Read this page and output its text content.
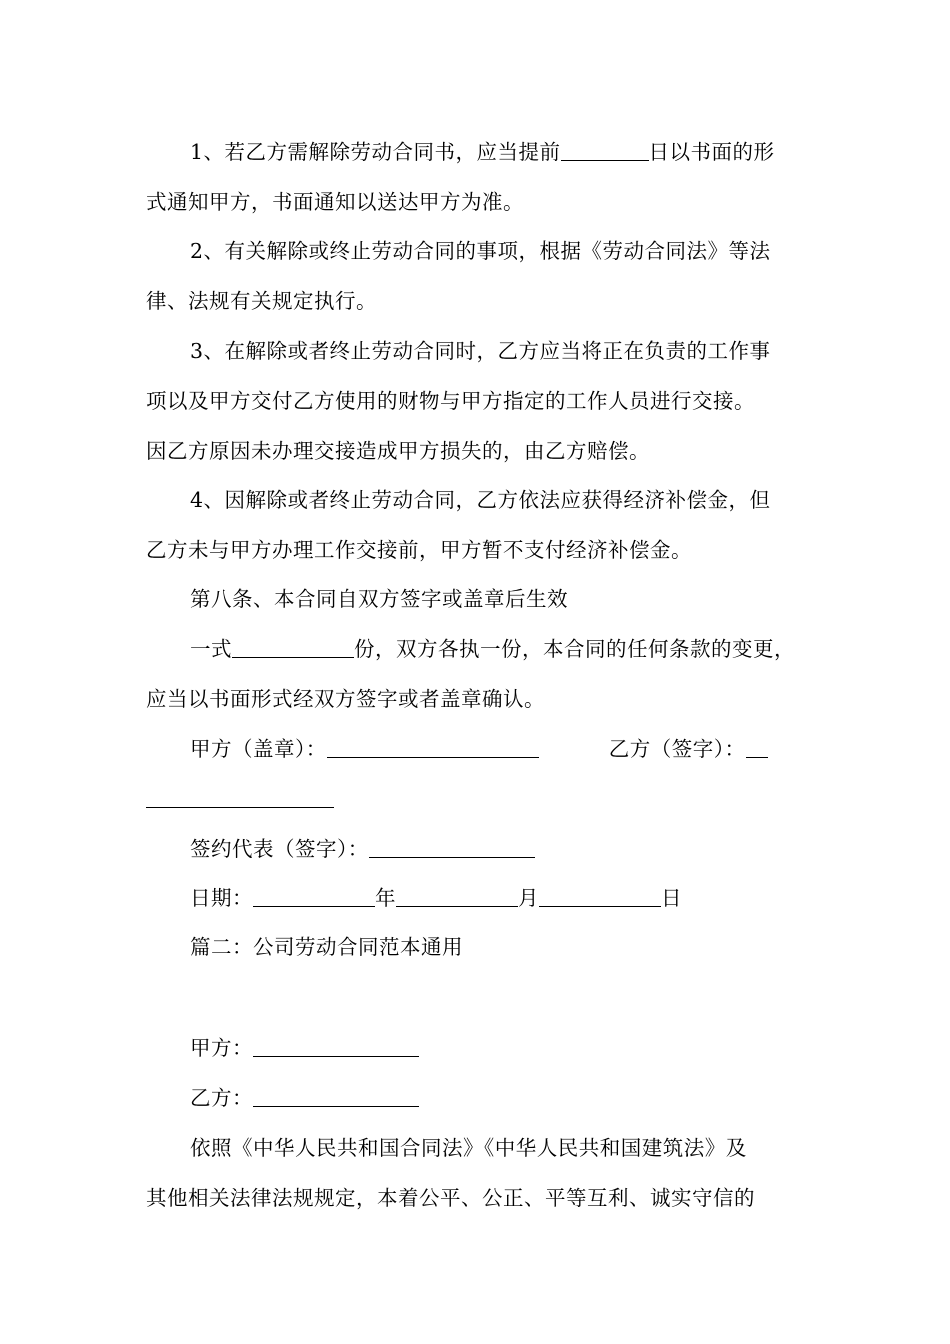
1、若乙方需解除劳动合同书，应当提前	日以书面的形
式通知甲方，书面通知以送达甲方为准。
2、有关解除或终止劳动合同的事项，根据《劳动合同法》等法
律、法规有关规定执行。
3、在解除或者终止劳动合同时，乙方应当将正在负责的工作事
项以及甲方交付乙方使用的财物与甲方指定的工作人员进行交接。
因乙方原因未办理交接造成甲方损失的，由乙方赔偿。
4、因解除或者终止劳动合同，乙方依法应获得经济补偿金，但
乙方未与甲方办理工作交接前，甲方暂不支付经济补偿金。
第八条、本合同自双方签字或盖章后生效
一式	份，双方各执一份，本合同的任何条款的变更，
应当以书面形式经双方签字或者盖章确认。
甲方（盖章）：	乙方（签字）：
签约代表（签字）：
日期：	年	月	日
篇二：公司劳动合同范本通用
甲方：
乙方：
依照《中华人民共和国合同法》《中华人民共和国建筑法》及
其他相关法律法规规定，本着公平、公正、平等互利、诚实守信的
